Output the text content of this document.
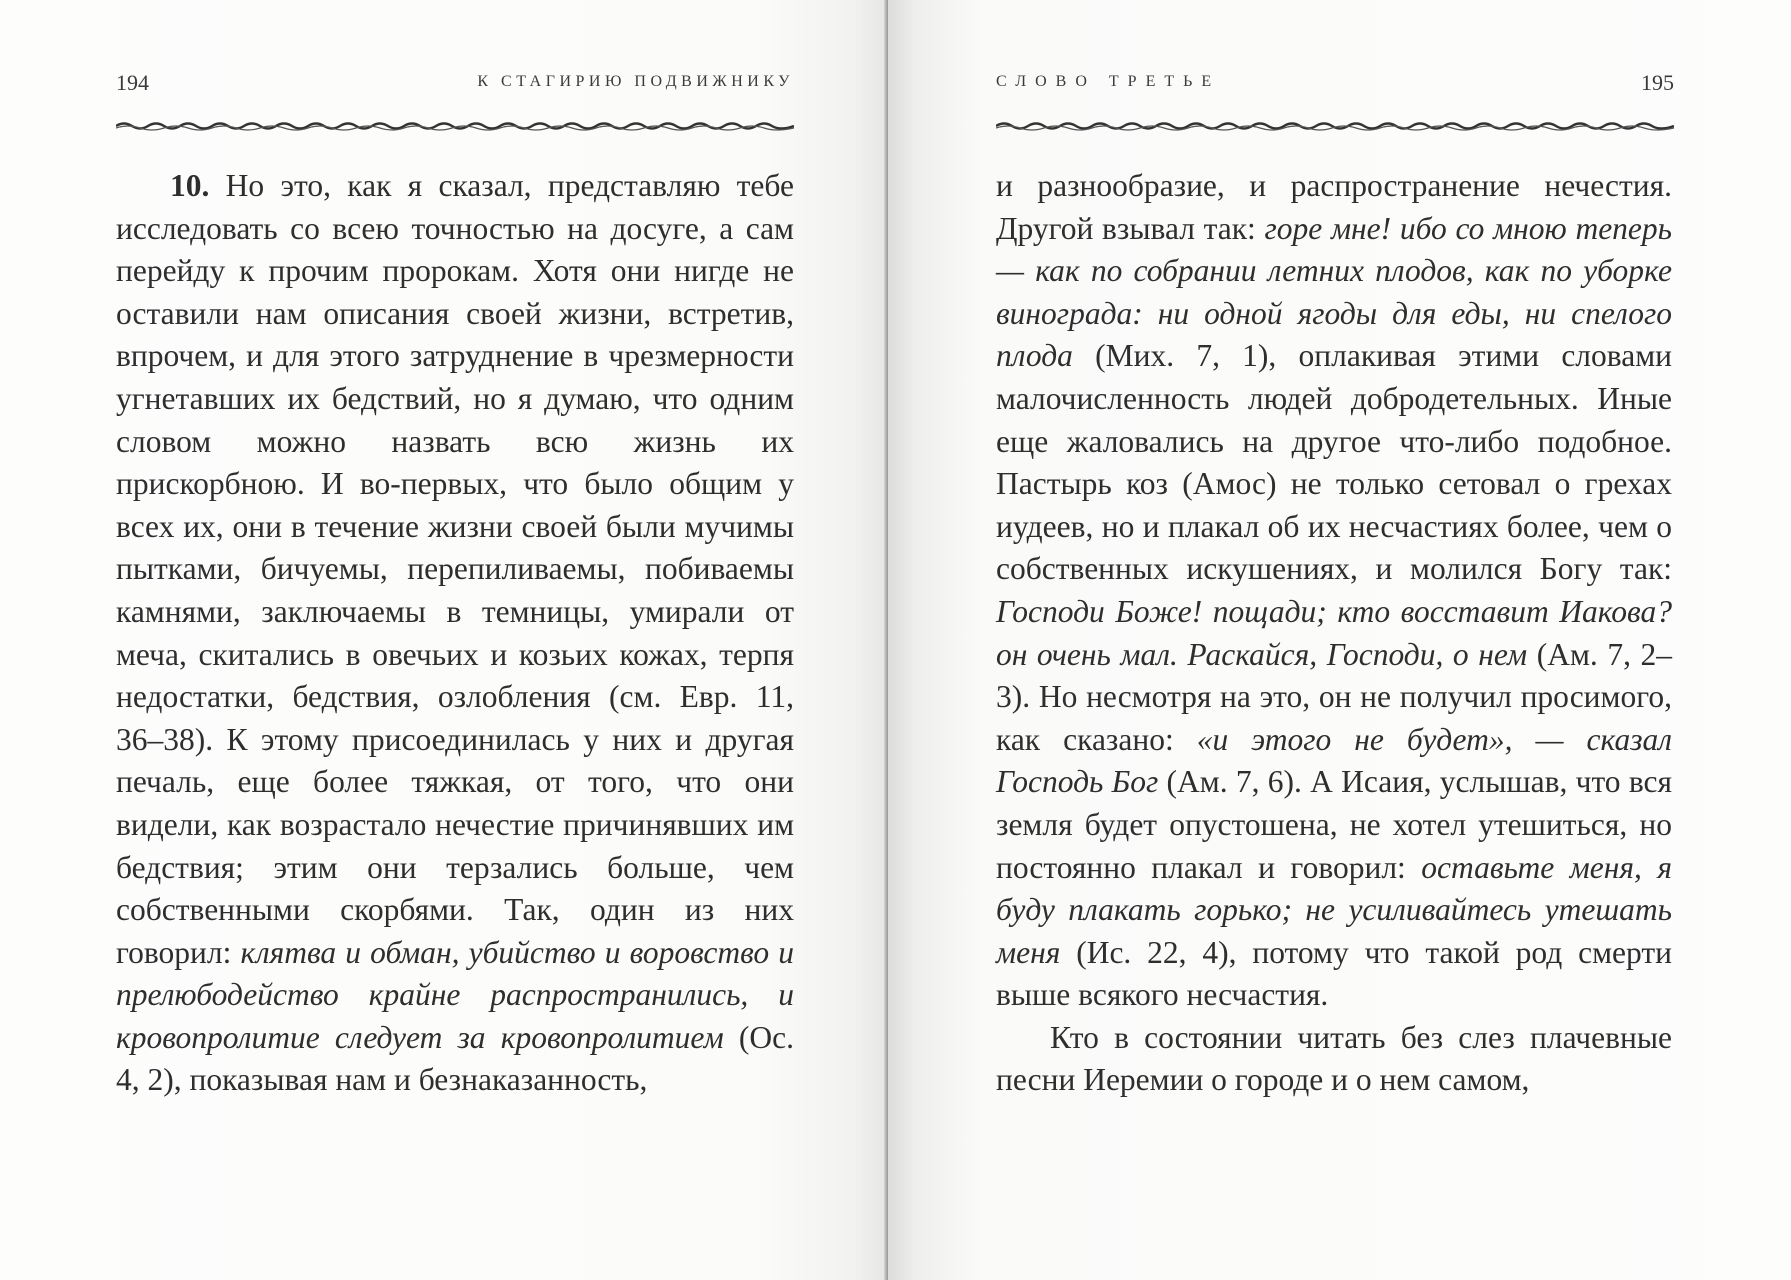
194	К СТАГИРИЮ ПОДВИЖНИКУ

10. Но это, как я сказал, представляю тебе исследовать со всею точностью на досуге, а сам перейду к прочим пророкам. Хотя они нигде не оставили нам описания своей жизни, встретив, впрочем, и для этого затруднение в чрезмерности угнетавших их бедствий, но я думаю, что одним словом можно назвать всю жизнь их прискорбною. И во-первых, что было общим у всех их, они в течение жизни своей были мучимы пытками, бичуемы, перепиливаемы, побиваемы камнями, заключаемы в темницы, умирали от меча, скитались в овечьих и козьих кожах, терпя недостатки, бедствия, озлобления (см. Евр. 11, 36–38). К этому присоединилась у них и другая печаль, еще более тяжкая, от того, что они видели, как возрастало нечестие причинявших им бедствия; этим они терзались больше, чем собственными скорбями. Так, один из них говорил: клятва и обман, убийство и воровство и прелюбодейство крайне распространились, и кровопролитие следует за кровопролитием (Ос. 4, 2), показывая нам и безнаказанность,

СЛОВО ТРЕТЬЕ	195

и разнообразие, и распространение нечестия. Другой взывал так: горе мне! ибо со мною теперь — как по собрании летних плодов, как по уборке винограда: ни одной ягоды для еды, ни спелого плода (Мих. 7, 1), оплакивая этими словами малочисленность людей добродетельных. Иные еще жаловались на другое что-либо подобное. Пастырь коз (Амос) не только сетовал о грехах иудеев, но и плакал об их несчастиях более, чем о собственных искушениях, и молился Богу так: Господи Боже! пощади; кто восставит Иакова? он очень мал. Раскайся, Господи, о нем (Ам. 7, 2–3). Но несмотря на это, он не получил просимого, как сказано: «и этого не будет», — сказал Господь Бог (Ам. 7, 6). А Исаия, услышав, что вся земля будет опустошена, не хотел утешиться, но постоянно плакал и говорил: оставьте меня, я буду плакать горько; не усиливайтесь утешать меня (Ис. 22, 4), потому что такой род смерти выше всякого несчастия.

Кто в состоянии читать без слез плачевные песни Иеремии о городе и о нем самом,
